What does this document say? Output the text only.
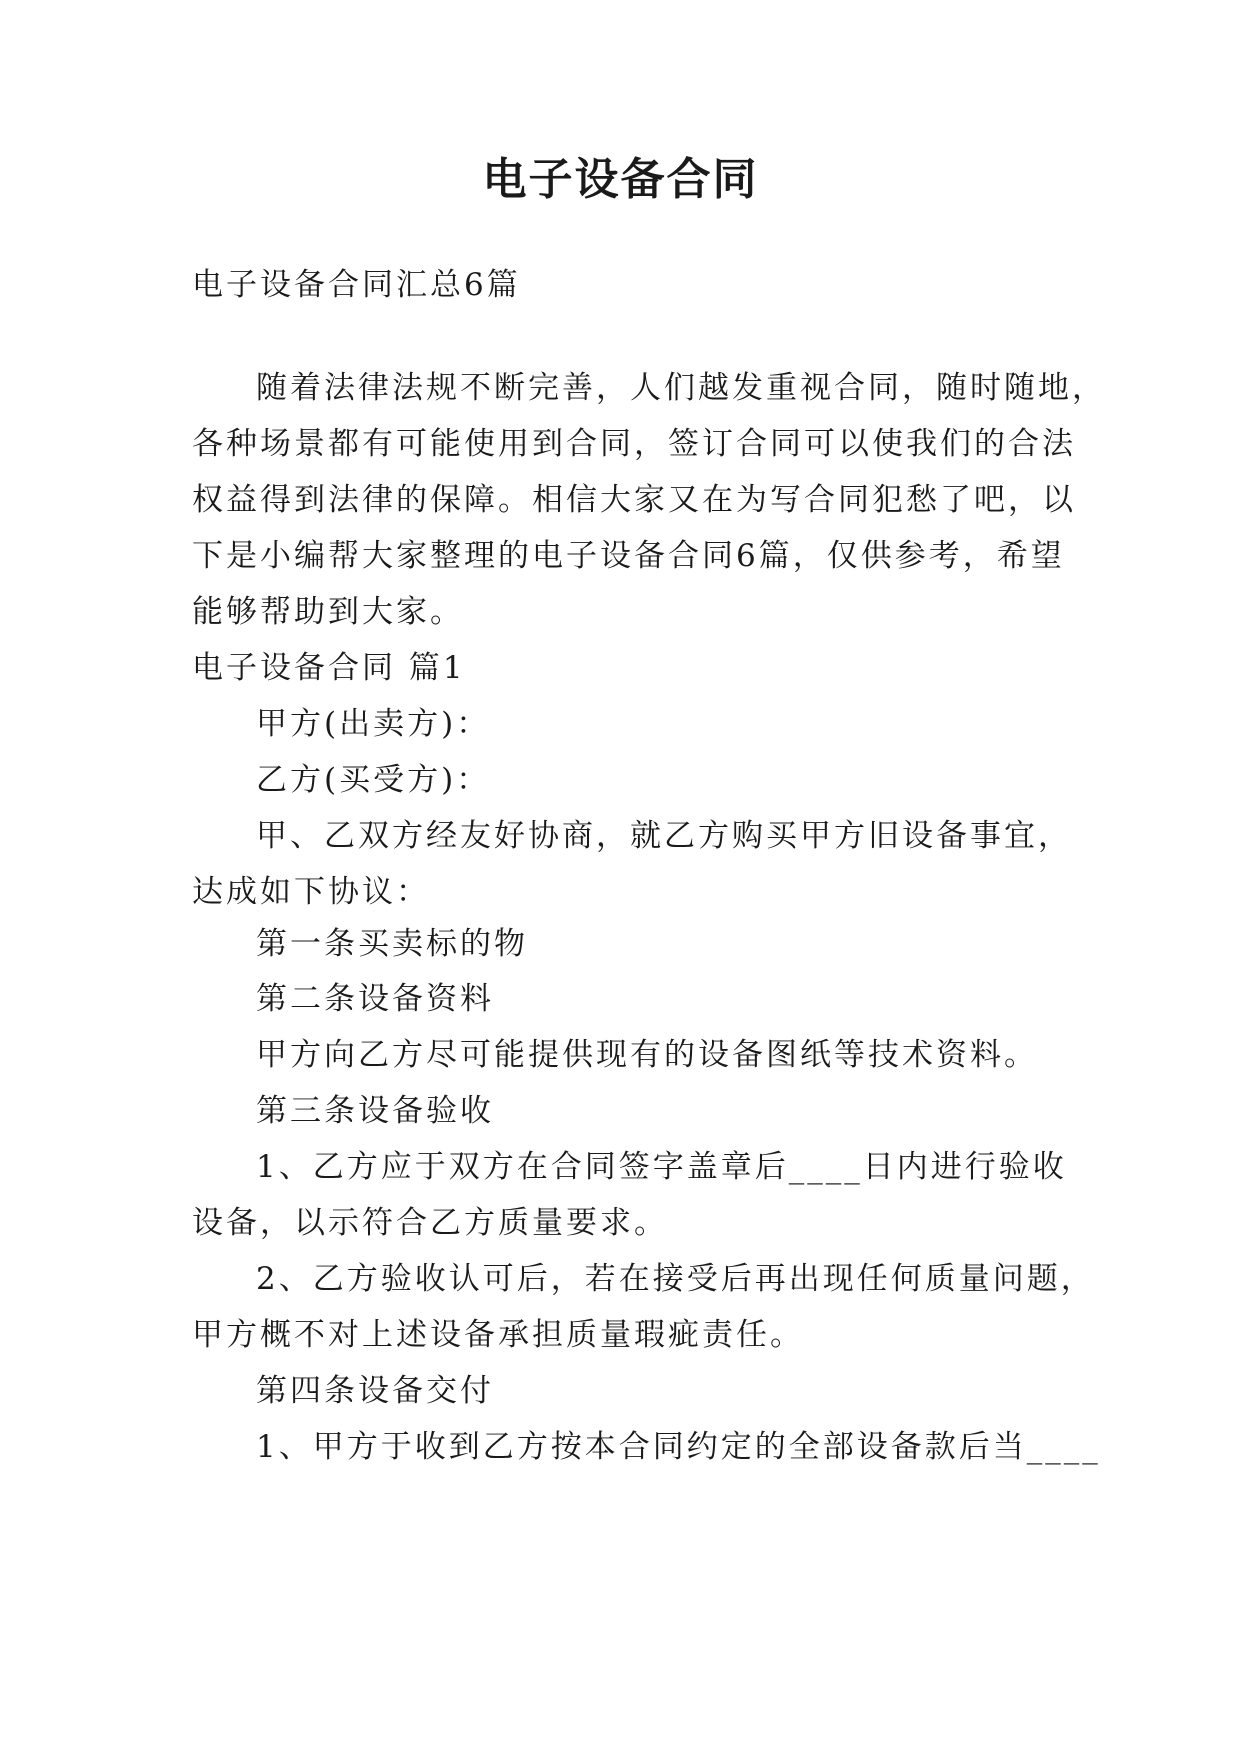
电子设备合同
电子设备合同汇总6篇
随着法律法规不断完善，人们越发重视合同，随时随地，
各种场景都有可能使用到合同，签订合同可以使我们的合法
权益得到法律的保障。相信大家又在为写合同犯愁了吧，以
下是小编帮大家整理的电子设备合同6篇，仅供参考，希望
能够帮助到大家。
电子设备合同 篇1
甲方(出卖方)：
乙方(买受方)：
甲、乙双方经友好协商，就乙方购买甲方旧设备事宜，
达成如下协议：
第一条买卖标的物
第二条设备资料
甲方向乙方尽可能提供现有的设备图纸等技术资料。
第三条设备验收
1、乙方应于双方在合同签字盖章后____日内进行验收
设备，以示符合乙方质量要求。
2、乙方验收认可后，若在接受后再出现任何质量问题，
甲方概不对上述设备承担质量瑕疵责任。
第四条设备交付
1、甲方于收到乙方按本合同约定的全部设备款后当____
